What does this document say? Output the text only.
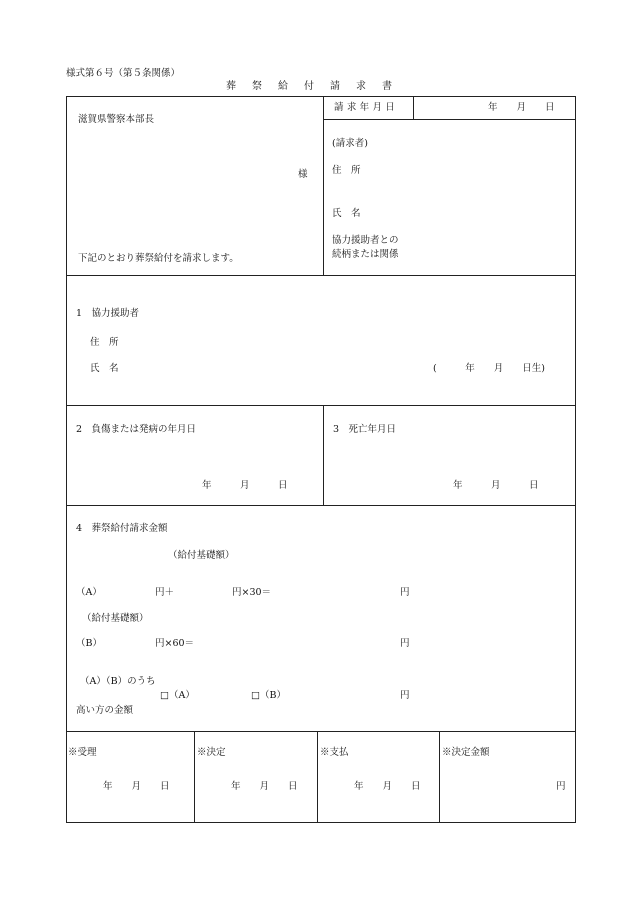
様式第６号（第５条関係）
葬祭給付請求書
滋賀県警察本部長
様
下記のとおり葬祭給付を請求します。
請求年月日	年　　月　　日
(請求者)
住　所
氏　名
協力援助者との
続柄または関係
1　協力援助者
住　所
氏　名	(　　　年　　月　　日生)
2　負傷または発病の年月日
年　　　月　　　日
3　死亡年月日
年　　　月　　　日
4　葬祭給付請求金額
（給付基礎額）
（A）	円＋	円×30＝	円
（給付基礎額）
（B）	円×60＝	円
（A）（B）のうち
□（A）	□（B）	円
高い方の金額
※受理
年　　月　　日
※決定
年　　月　　日
※支払
年　　月　　日
※決定金額
円
